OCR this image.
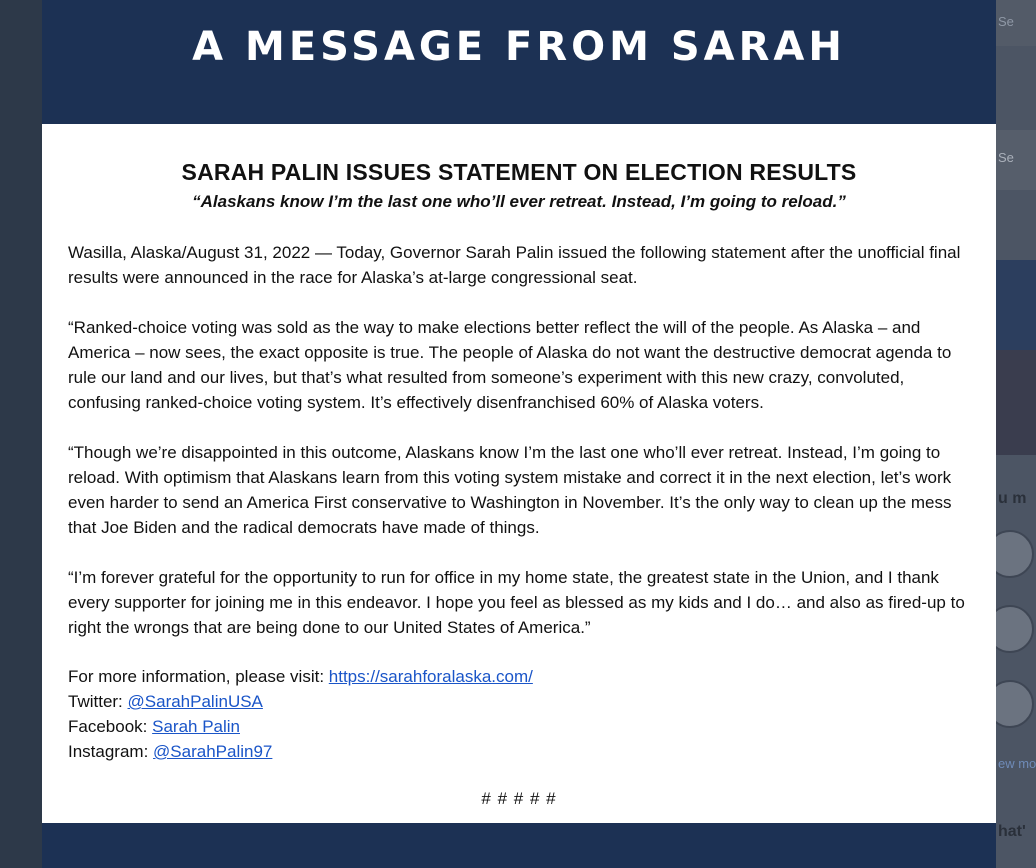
Se
Se
u m
ew mo
hat'
A MESSAGE FROM SARAH
SARAH PALIN ISSUES STATEMENT ON ELECTION RESULTS
“Alaskans know I’m the last one who’ll ever retreat. Instead, I’m going to reload.”
Wasilla, Alaska/August 31, 2022 — Today, Governor Sarah Palin issued the following statement after the unofficial final results were announced in the race for Alaska’s at-large congressional seat.
“Ranked-choice voting was sold as the way to make elections better reflect the will of the people. As Alaska – and America – now sees, the exact opposite is true. The people of Alaska do not want the destructive democrat agenda to rule our land and our lives, but that’s what resulted from someone’s experiment with this new crazy, convoluted, confusing ranked-choice voting system. It’s effectively disenfranchised 60% of Alaska voters.
“Though we’re disappointed in this outcome, Alaskans know I’m the last one who’ll ever retreat. Instead, I’m going to reload. With optimism that Alaskans learn from this voting system mistake and correct it in the next election, let’s work even harder to send an America First conservative to Washington in November. It’s the only way to clean up the mess that Joe Biden and the radical democrats have made of things.
“I’m forever grateful for the opportunity to run for office in my home state, the greatest state in the Union, and I thank every supporter for joining me in this endeavor. I hope you feel as blessed as my kids and I do… and also as fired-up to right the wrongs that are being done to our United States of America.”
For more information, please visit: https://sarahforalaska.com/
Twitter: @SarahPalinUSA
Facebook: Sarah Palin
Instagram: @SarahPalin97
# # # # #
